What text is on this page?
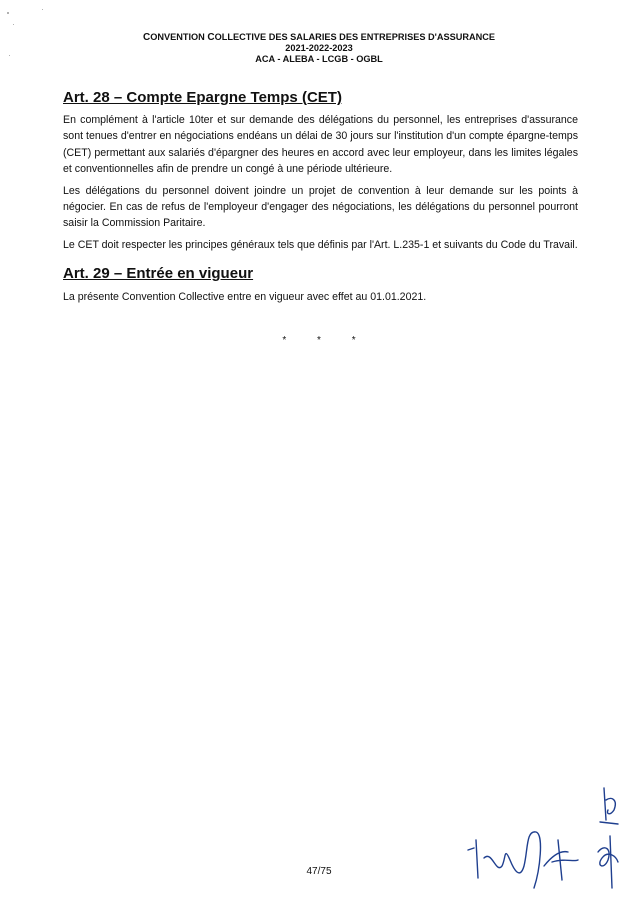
CONVENTION COLLECTIVE DES SALARIES DES ENTREPRISES D'ASSURANCE
2021-2022-2023
ACA - ALEBA - LCGB - OGBL
Art. 28 – Compte Epargne Temps (CET)

En complément à l'article 10ter et sur demande des délégations du personnel, les entreprises d'assurance sont tenues d'entrer en négociations endéans un délai de 30 jours sur l'institution d'un compte épargne-temps (CET) permettant aux salariés d'épargner des heures en accord avec leur employeur, dans les limites légales et conventionnelles afin de prendre un congé à une période ultérieure.

Les délégations du personnel doivent joindre un projet de convention à leur demande sur les points à négocier. En cas de refus de l'employeur d'engager des négociations, les délégations du personnel pourront saisir la Commission Paritaire.

Le CET doit respecter les principes généraux tels que définis par l'Art. L.235-1 et suivants du Code du Travail.

Art. 29 – Entrée en vigueur

La présente Convention Collective entre en vigueur avec effet au 01.01.2021.

* * *
47/75
